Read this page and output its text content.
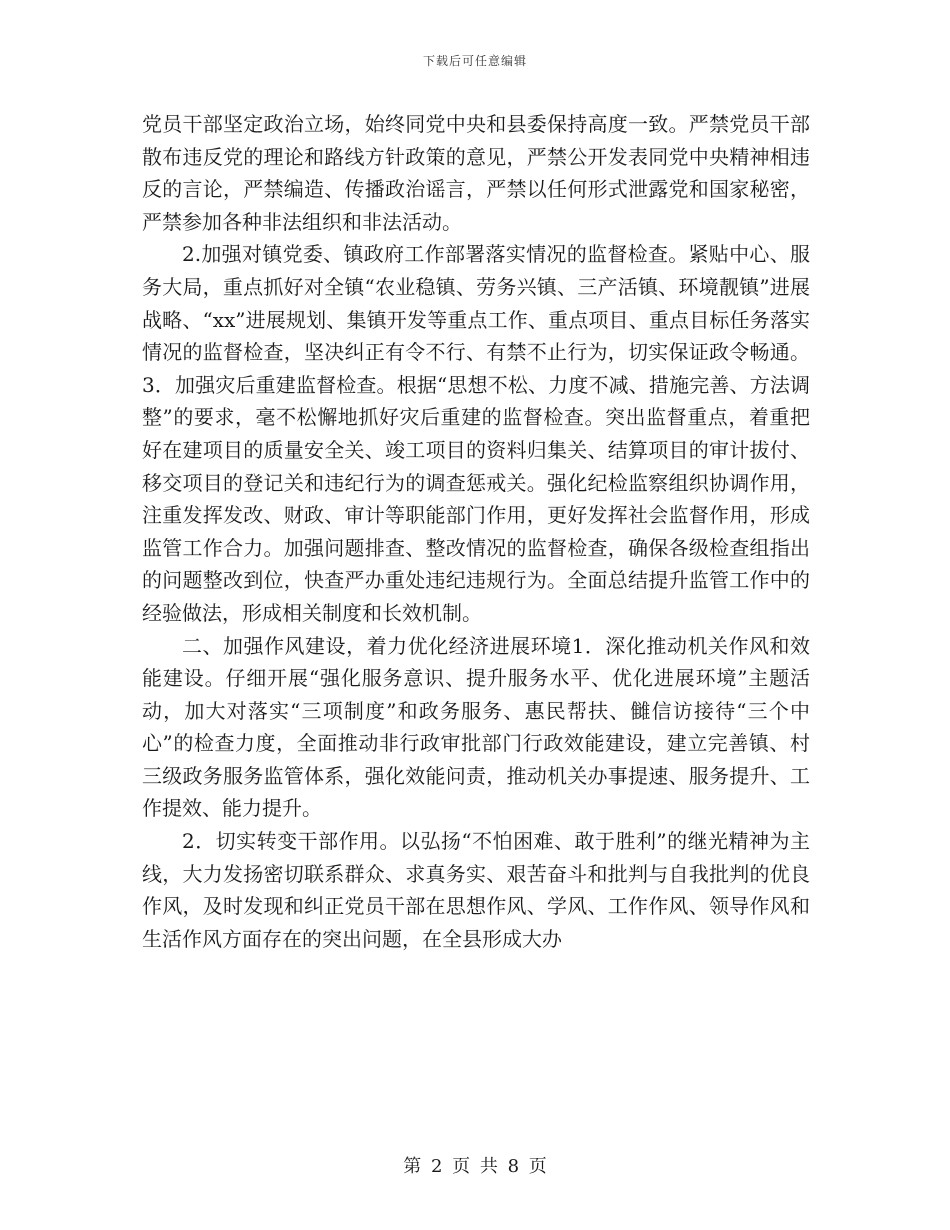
下载后可任意编辑

党员干部坚定政治立场，始终同党中央和县委保持高度一致。严禁党员干部散布违反党的理论和路线方针政策的意见，严禁公开发表同党中央精神相违反的言论，严禁编造、传播政治谣言，严禁以任何形式泄露党和国家秘密，严禁参加各种非法组织和非法活动。

2.加强对镇党委、镇政府工作部署落实情况的监督检查。紧贴中心、服务大局，重点抓好对全镇“农业稳镇、劳务兴镇、三产活镇、环境靓镇”进展战略、“xx”进展规划、集镇开发等重点工作、重点项目、重点目标任务落实情况的监督检查，坚决纠正有令不行、有禁不止行为，切实保证政令畅通。3．加强灾后重建监督检查。根据“思想不松、力度不减、措施完善、方法调整”的要求，毫不松懈地抓好灾后重建的监督检查。突出监督重点，着重把好在建项目的质量安全关、竣工项目的资料归集关、结算项目的审计拔付、移交项目的登记关和违纪行为的调查惩戒关。强化纪检监察组织协调作用，注重发挥发改、财政、审计等职能部门作用，更好发挥社会监督作用，形成监管工作合力。加强问题排查、整改情况的监督检查，确保各级检查组指出的问题整改到位，快查严办重处违纪违规行为。全面总结提升监管工作中的经验做法，形成相关制度和长效机制。

二、加强作风建设，着力优化经济进展环境1．深化推动机关作风和效能建设。仔细开展“强化服务意识、提升服务水平、优化进展环境”主题活动，加大对落实“三项制度”和政务服务、惠民帮扶、雠信访接待“三个中心”的检查力度，全面推动非行政审批部门行政效能建设，建立完善镇、村三级政务服务监管体系，强化效能问责，推动机关办事提速、服务提升、工作提效、能力提升。

2．切实转变干部作用。以弘扬“不怕困难、敢于胜利”的继光精神为主线，大力发扬密切联系群众、求真务实、艰苦奋斗和批判与自我批判的优良作风，及时发现和纠正党员干部在思想作风、学风、工作作风、领导作风和生活作风方面存在的突出问题，在全县形成大办

第 2 页 共 8 页
